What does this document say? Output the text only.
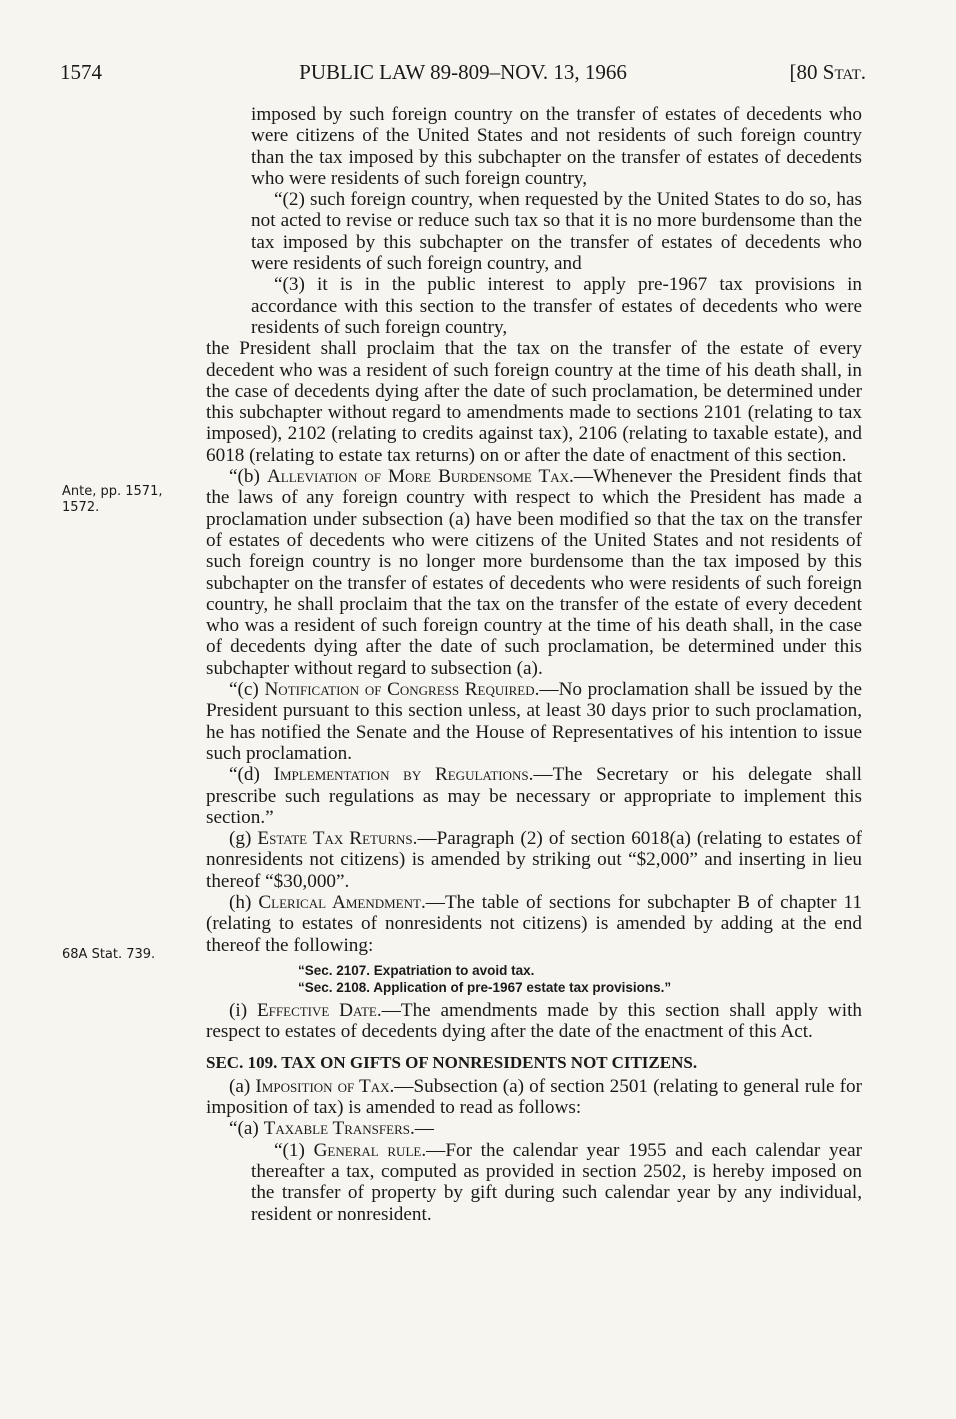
1574	PUBLIC LAW 89-809–NOV. 13, 1966	[80 Stat.
Ante, pp. 1571, 1572.
68A Stat. 739.

imposed by such foreign country on the transfer of estates of decedents who were citizens of the United States and not residents of such foreign country than the tax imposed by this subchapter on the transfer of estates of decedents who were residents of such foreign country,

“(2) such foreign country, when requested by the United States to do so, has not acted to revise or reduce such tax so that it is no more burdensome than the tax imposed by this subchapter on the transfer of estates of decedents who were residents of such foreign country, and

“(3) it is in the public interest to apply pre-1967 tax provisions in accordance with this section to the transfer of estates of decedents who were residents of such foreign country,

the President shall proclaim that the tax on the transfer of the estate of every decedent who was a resident of such foreign country at the time of his death shall, in the case of decedents dying after the date of such proclamation, be determined under this subchapter without regard to amendments made to sections 2101 (relating to tax imposed), 2102 (relating to credits against tax), 2106 (relating to taxable estate), and 6018 (relating to estate tax returns) on or after the date of enactment of this section.

“(b) Alleviation of More Burdensome Tax.—Whenever the President finds that the laws of any foreign country with respect to which the President has made a proclamation under subsection (a) have been modified so that the tax on the transfer of estates of decedents who were citizens of the United States and not residents of such foreign country is no longer more burdensome than the tax imposed by this subchapter on the transfer of estates of decedents who were residents of such foreign country, he shall proclaim that the tax on the transfer of the estate of every decedent who was a resident of such foreign country at the time of his death shall, in the case of decedents dying after the date of such proclamation, be determined under this subchapter without regard to subsection (a).

“(c) Notification of Congress Required.—No proclamation shall be issued by the President pursuant to this section unless, at least 30 days prior to such proclamation, he has notified the Senate and the House of Representatives of his intention to issue such proclamation.

“(d) Implementation by Regulations.—The Secretary or his delegate shall prescribe such regulations as may be necessary or appropriate to implement this section.”

(g) Estate Tax Returns.—Paragraph (2) of section 6018(a) (relating to estates of nonresidents not citizens) is amended by striking out “$2,000” and inserting in lieu thereof “$30,000”.

(h) Clerical Amendment.—The table of sections for subchapter B of chapter 11 (relating to estates of nonresidents not citizens) is amended by adding at the end thereof the following:

“Sec. 2107. Expatriation to avoid tax.
“Sec. 2108. Application of pre-1967 estate tax provisions.”

(i) Effective Date.—The amendments made by this section shall apply with respect to estates of decedents dying after the date of the enactment of this Act.

SEC. 109. TAX ON GIFTS OF NONRESIDENTS NOT CITIZENS.

(a) Imposition of Tax.—Subsection (a) of section 2501 (relating to general rule for imposition of tax) is amended to read as follows:

“(a) Taxable Transfers.—

“(1) General rule.—For the calendar year 1955 and each calendar year thereafter a tax, computed as provided in section 2502, is hereby imposed on the transfer of property by gift during such calendar year by any individual, resident or nonresident.
